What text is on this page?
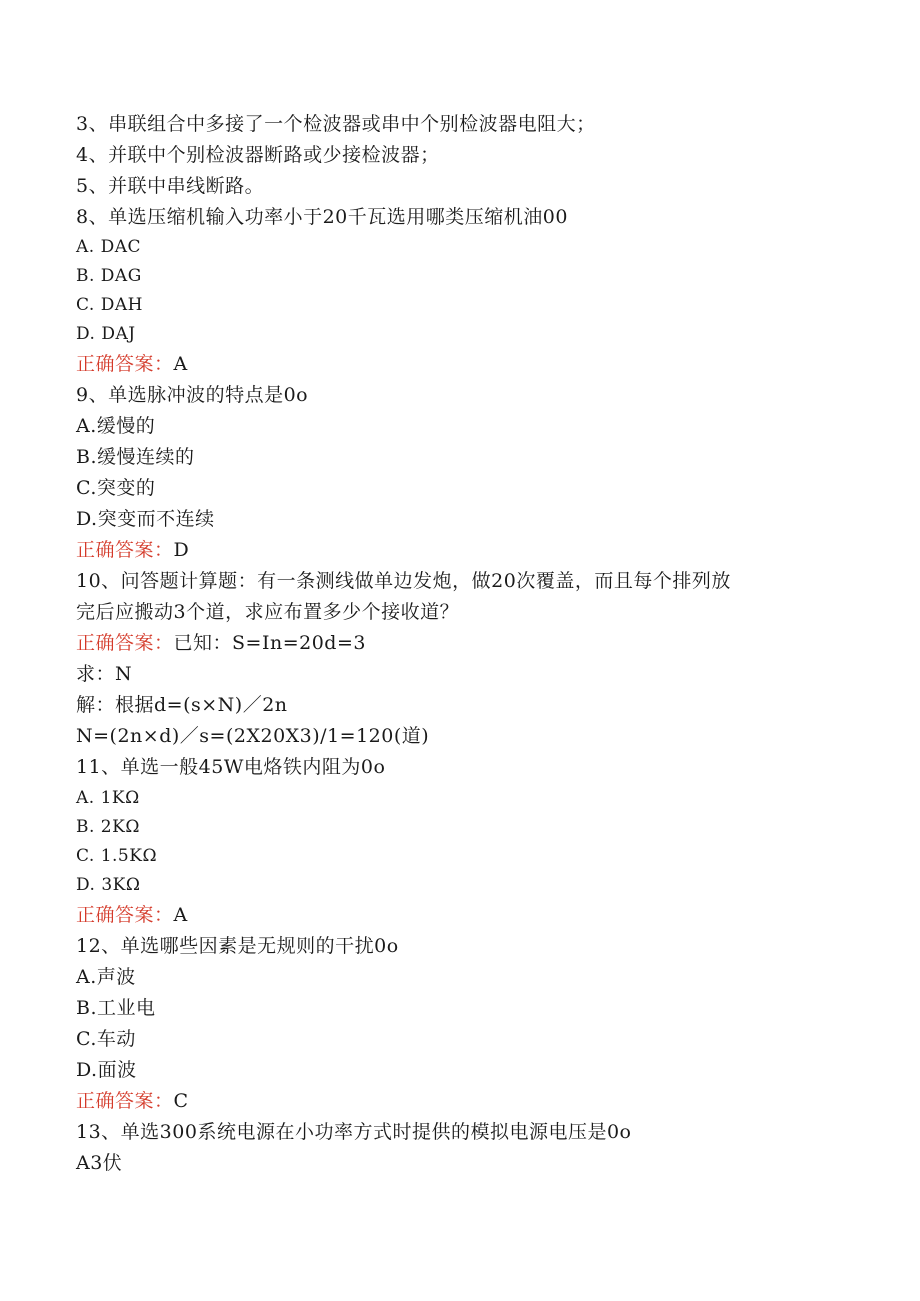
3、串联组合中多接了一个检波器或串中个别检波器电阻大；
4、并联中个别检波器断路或少接检波器；
5、并联中串线断路。
8、单选压缩机输入功率小于20千瓦选用哪类压缩机油00
A. DAC
B. DAG
C. DAH
D. DAJ
正确答案：A
9、单选脉冲波的特点是0o
A.缓慢的
B.缓慢连续的
C.突变的
D.突变而不连续
正确答案：D
10、问答题计算题：有一条测线做单边发炮，做20次覆盖，而且每个排列放
完后应搬动3个道，求应布置多少个接收道？
正确答案：已知：S=In=20d=3
求：N
解：根据d=(s×N)／2n
N=(2n×d)／s=(2X20X3)/1=120(道)
11、单选一般45W电烙铁内阻为0o
A. 1KΩ
B. 2KΩ
C. 1.5KΩ
D. 3KΩ
正确答案：A
12、单选哪些因素是无规则的干扰0o
A.声波
B.工业电
C.车动
D.面波
正确答案：C
13、单选300系统电源在小功率方式时提供的模拟电源电压是0o
A3伏
